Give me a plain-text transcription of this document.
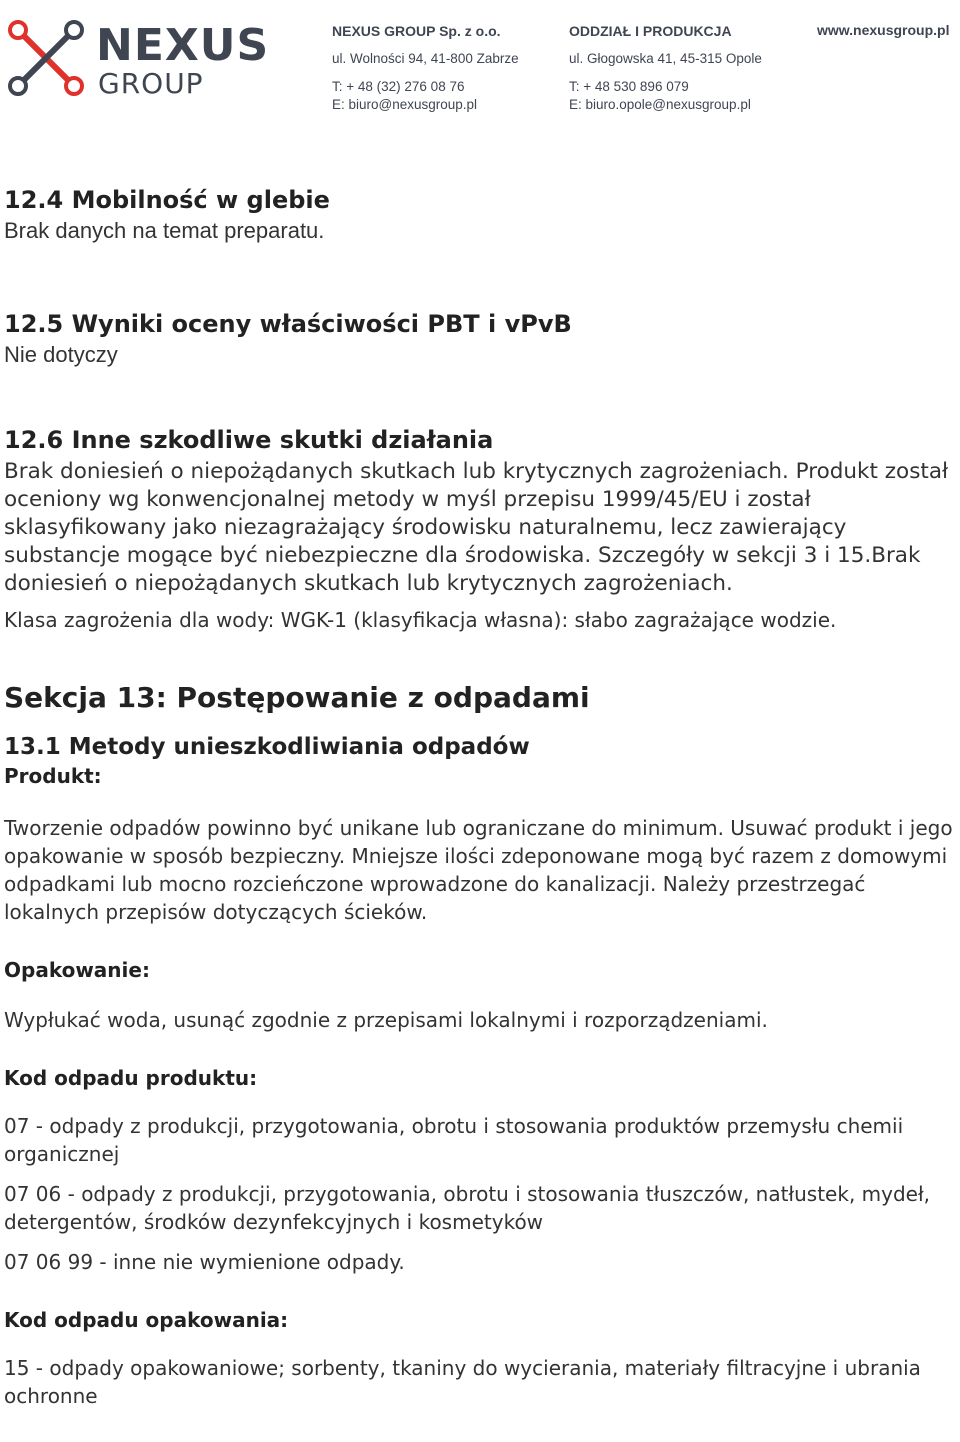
NEXUS
GROUP
NEXUS GROUP Sp. z o.o.
ul. Wolności 94, 41-800 Zabrze
T: + 48 (32) 276 08 76
E: biuro@nexusgroup.pl
ODDZIAŁ I PRODUKCJA
ul. Głogowska 41, 45-315 Opole
T: + 48 530 896 079
E: biuro.opole@nexusgroup.pl
www.nexusgroup.pl
12.4 Mobilność w glebie

Brak danych na temat preparatu.

12.5 Wyniki oceny właściwości PBT i vPvB

Nie dotyczy

12.6 Inne szkodliwe skutki działania

Brak doniesień o niepożądanych skutkach lub krytycznych zagrożeniach. Produkt został oceniony wg konwencjonalnej metody w myśl przepisu 1999/45/EU i został sklasyfikowany jako niezagrażający środowisku naturalnemu, lecz zawierający substancje mogące być niebezpieczne dla środowiska. Szczegóły w sekcji 3 i 15.Brak doniesień o niepożądanych skutkach lub krytycznych zagrożeniach.

Klasa zagrożenia dla wody: WGK-1 (klasyfikacja własna): słabo zagrażające wodzie.

Sekcja 13: Postępowanie z odpadami
13.1 Metody unieszkodliwiania odpadów
Produkt:

Tworzenie odpadów powinno być unikane lub ograniczane do minimum. Usuwać produkt i jego opakowanie w sposób bezpieczny. Mniejsze ilości zdeponowane mogą być razem z domowymi odpadkami lub mocno rozcieńczone wprowadzone do kanalizacji. Należy przestrzegać lokalnych przepisów dotyczących ścieków.

Opakowanie:

Wypłukać woda, usunąć zgodnie z przepisami lokalnymi i rozporządzeniami.

Kod odpadu produktu:

07 - odpady z produkcji, przygotowania, obrotu i stosowania produktów przemysłu chemii organicznej

07 06 - odpady z produkcji, przygotowania, obrotu i stosowania tłuszczów, natłustek, mydeł, detergentów, środków dezynfekcyjnych i kosmetyków

07 06 99 - inne nie wymienione odpady.

Kod odpadu opakowania:

15 - odpady opakowaniowe; sorbenty, tkaniny do wycierania, materiały filtracyjne i ubrania ochronne
